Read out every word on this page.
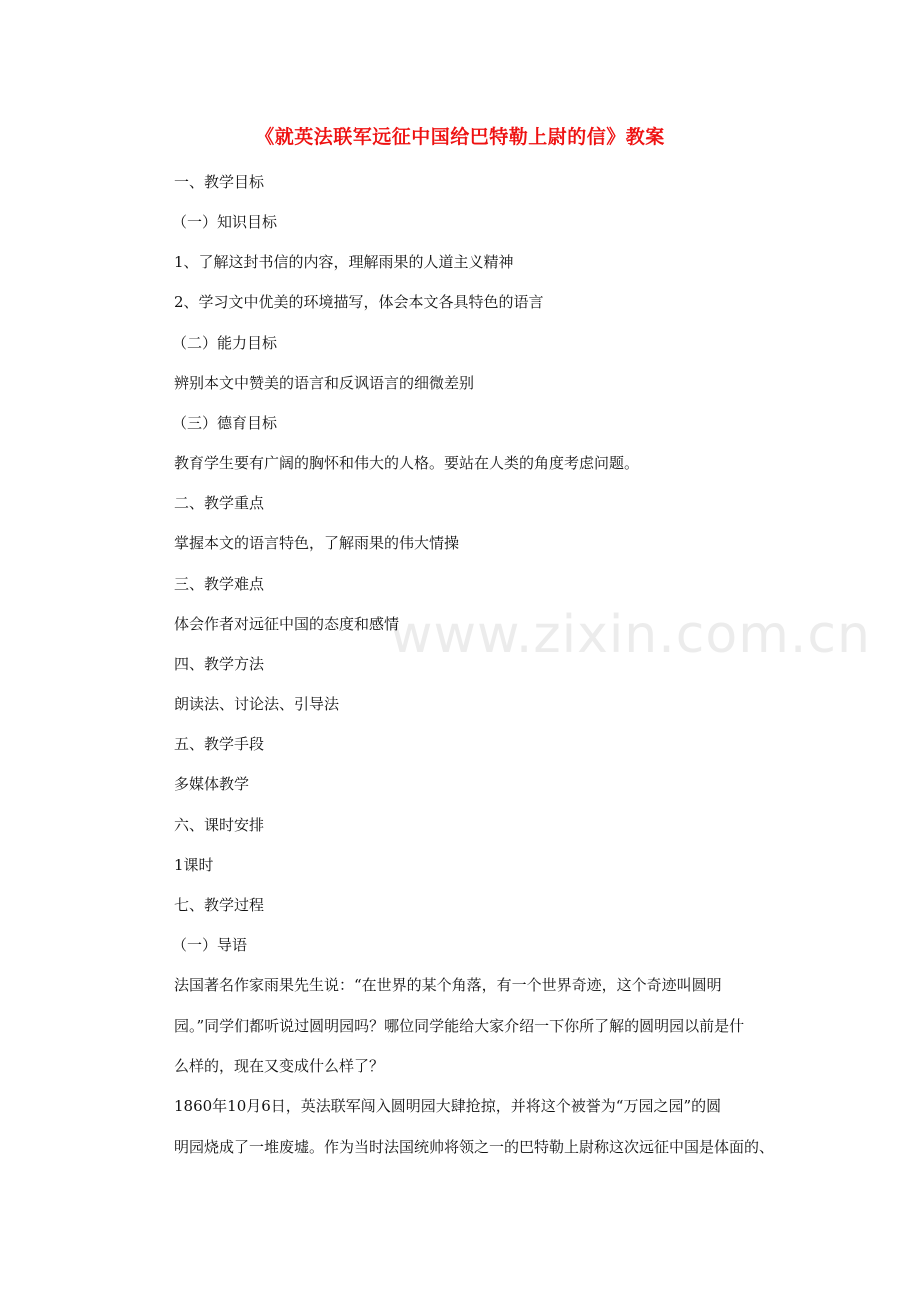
www.zixin.com.cn
《就英法联军远征中国给巴特勒上尉的信》教案
一、教学目标
（一）知识目标
1、了解这封书信的内容，理解雨果的人道主义精神
2、学习文中优美的环境描写，体会本文各具特色的语言
（二）能力目标
辨别本文中赞美的语言和反讽语言的细微差别
（三）德育目标
教育学生要有广阔的胸怀和伟大的人格。要站在人类的角度考虑问题。
二、教学重点
掌握本文的语言特色，了解雨果的伟大情操
三、教学难点
体会作者对远征中国的态度和感情
四、教学方法
朗读法、讨论法、引导法
五、教学手段
多媒体教学
六、课时安排
1课时
七、教学过程
（一）导语
法国著名作家雨果先生说：“在世界的某个角落，有一个世界奇迹，这个奇迹叫圆明
园。”同学们都听说过圆明园吗？哪位同学能给大家介绍一下你所了解的圆明园以前是什
么样的，现在又变成什么样了？
1860年10月6日，英法联军闯入圆明园大肆抢掠，并将这个被誉为“万园之园”的圆
明园烧成了一堆废墟。作为当时法国统帅将领之一的巴特勒上尉称这次远征中国是体面的、
